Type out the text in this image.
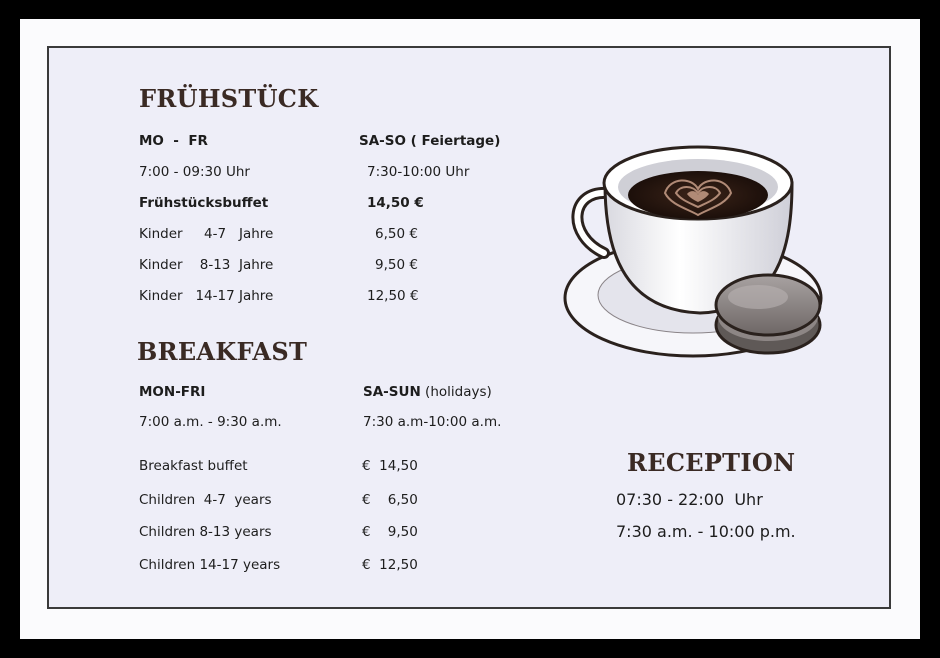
FRÜHSTÜCK
MO  -  FR	SA-SO ( Feiertage)
7:00 - 09:30 Uhr	7:30-10:00 Uhr
Frühstücksbuffet	14,50 €
Kinder     4-7   Jahre	6,50 €
Kinder    8-13  Jahre	9,50 €
Kinder   14-17 Jahre	12,50 €
BREAKFAST
MON-FRI	SA-SUN (holidays)
7:00 a.m. - 9:30 a.m.	7:30 a.m-10:00 a.m.
Breakfast buffet	€  14,50
Children  4-7  years	€    6,50
Children 8-13 years	€    9,50
Children 14-17 years	€  12,50
RECEPTION
07:30 - 22:00  Uhr
7:30 a.m. - 10:00 p.m.
